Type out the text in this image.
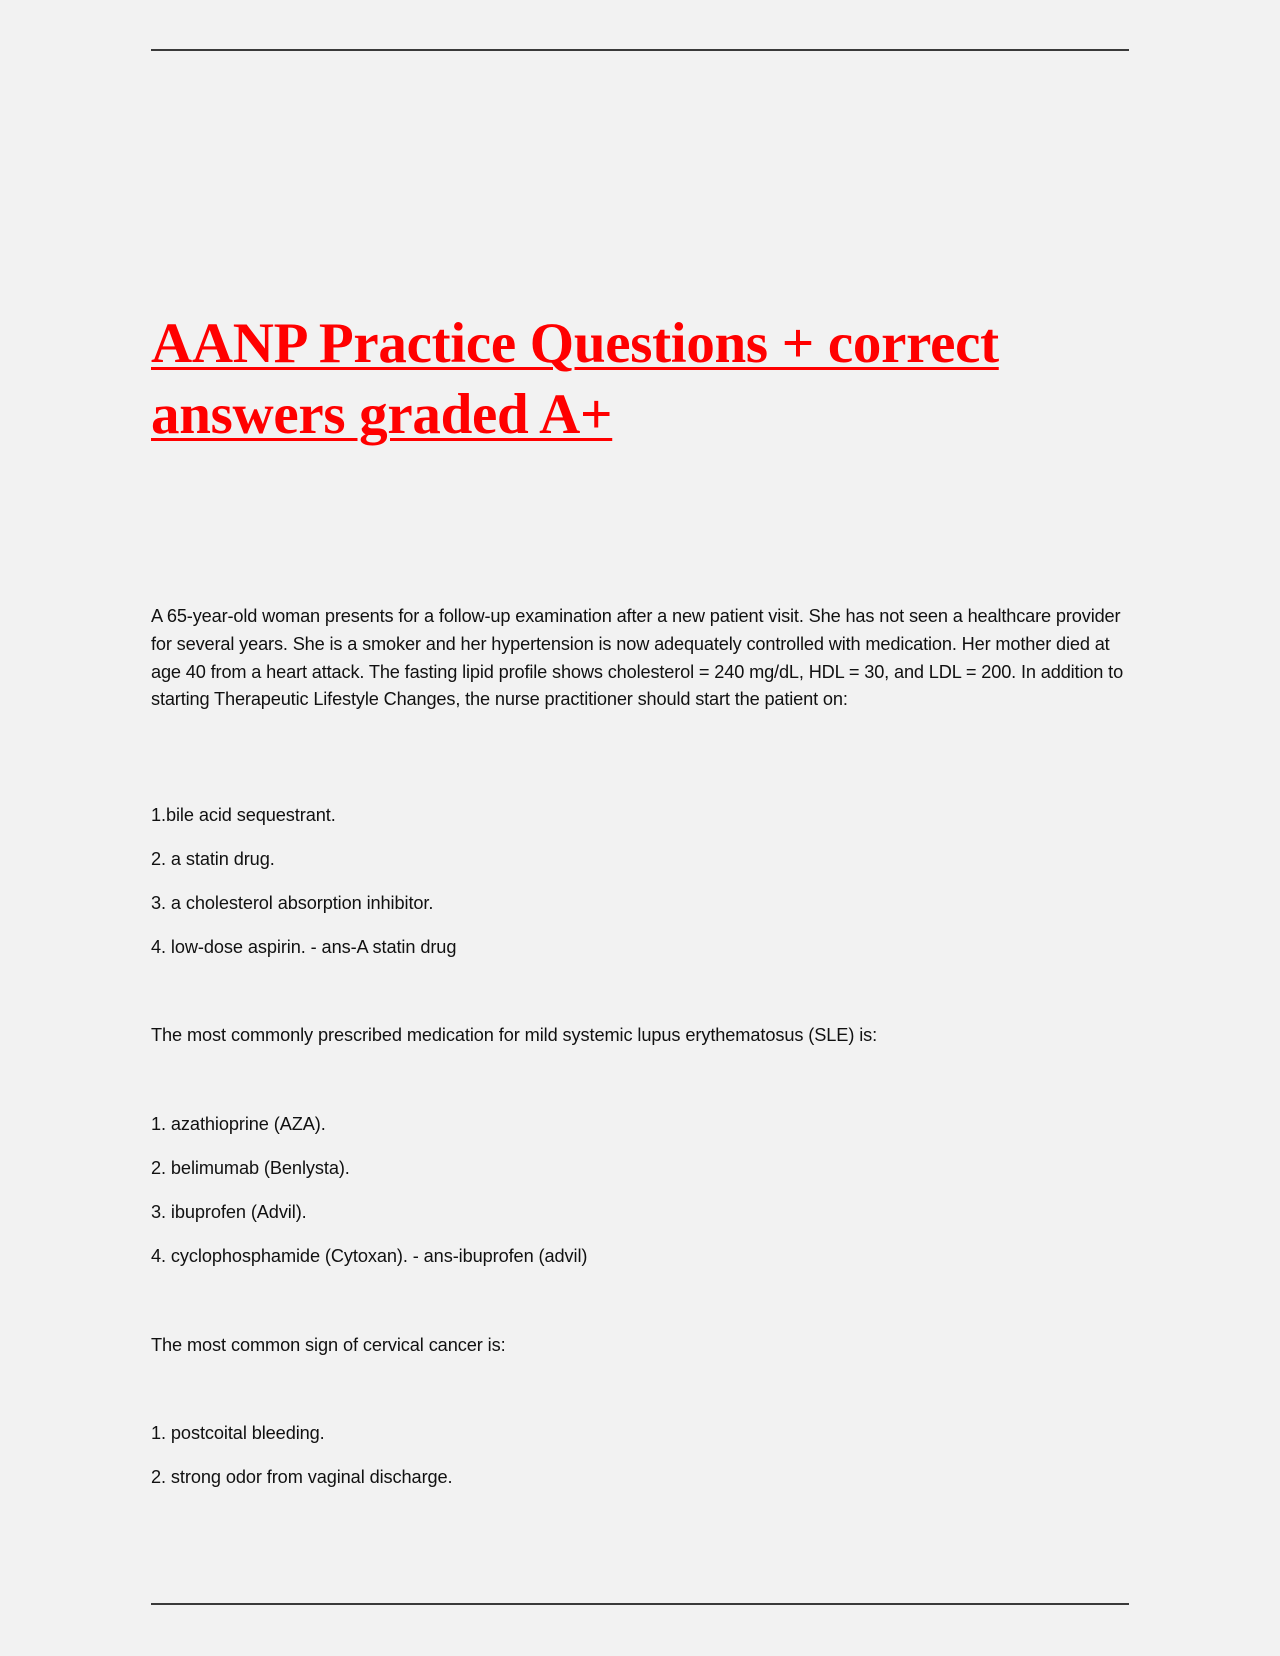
AANP Practice Questions + correct answers graded A+

A 65-year-old woman presents for a follow-up examination after a new patient visit. She has not seen a healthcare provider for several years. She is a smoker and her hypertension is now adequately controlled with medication. Her mother died at age 40 from a heart attack. The fasting lipid profile shows cholesterol = 240 mg/dL, HDL = 30, and LDL = 200. In addition to starting Therapeutic Lifestyle Changes, the nurse practitioner should start the patient on:

1.bile acid sequestrant.

2. a statin drug.

3. a cholesterol absorption inhibitor.

4. low-dose aspirin. - ans-A statin drug

The most commonly prescribed medication for mild systemic lupus erythematosus (SLE) is:

1. azathioprine (AZA).

2. belimumab (Benlysta).

3. ibuprofen (Advil).

4. cyclophosphamide (Cytoxan). - ans-ibuprofen (advil)

The most common sign of cervical cancer is:

1. postcoital bleeding.

2. strong odor from vaginal discharge.
